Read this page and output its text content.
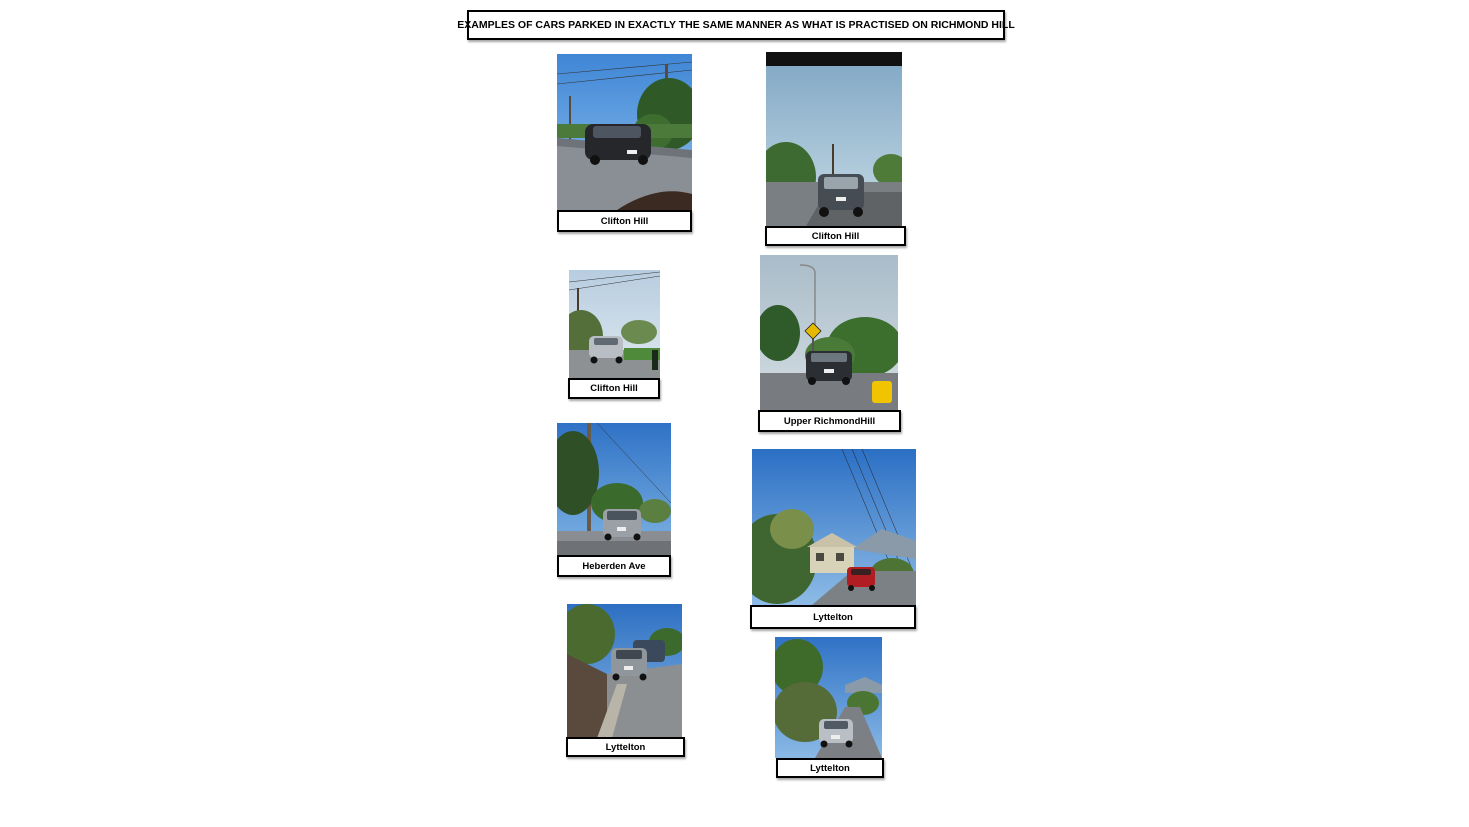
EXAMPLES OF CARS PARKED IN EXACTLY THE SAME MANNER AS WHAT IS PRACTISED ON RICHMOND HILL
Clifton Hill
Clifton Hill
Clifton Hill
Upper RichmondHill
Heberden Ave
Lyttelton
Lyttelton
Lyttelton
